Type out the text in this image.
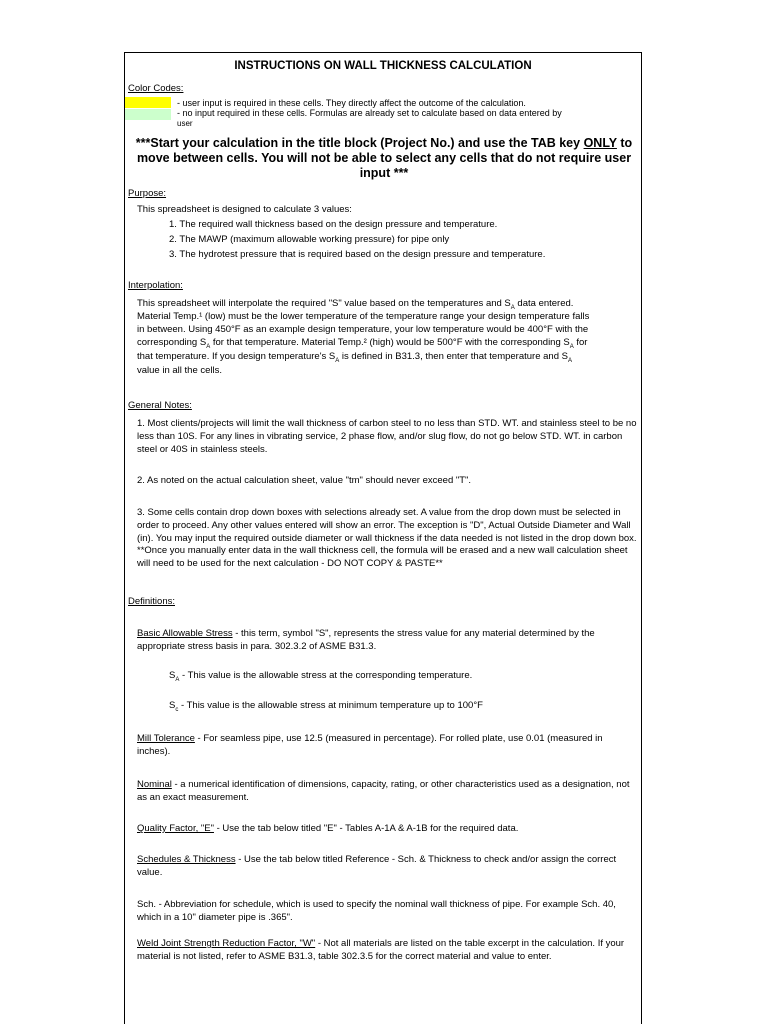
INSTRUCTIONS ON WALL THICKNESS CALCULATION
Color Codes:
- user input is required in these cells. They directly affect the outcome of the calculation.
- no input required in these cells. Formulas are already set to calculate based on data entered by
user
***Start your calculation in the title block (Project No.) and use the TAB key ONLY to move between cells. You will not be able to select any cells that do not require user input ***
Purpose:
This spreadsheet is designed to calculate 3 values:
1. The required wall thickness based on the design pressure and temperature.
2. The MAWP (maximum allowable working pressure) for pipe only
3. The hydrotest pressure that is required based on the design pressure and temperature.
Interpolation:
This spreadsheet will interpolate the required "S" value based on the temperatures and $S_A$ data entered.
Material Temp.¹ (low) must be the lower temperature of the temperature range your design temperature falls
in between. Using 450°F as an example design temperature, your low temperature would be 400°F with the
corresponding $S_A$ for that temperature. Material Temp.² (high) would be 500°F with the corresponding $S_A$ for
that temperature. If you design temperature's $S_A$ is defined in B31.3, then enter that temperature and $S_A$
value in all the cells.
General Notes:
1. Most clients/projects will limit the wall thickness of carbon steel to no less than STD. WT. and stainless steel to be no less than 10S. For any lines in vibrating service, 2 phase flow, and/or slug flow, do not go below STD. WT. in carbon steel or 40S in stainless steels.
2. As noted on the actual calculation sheet, value "tm" should never exceed "T".
3. Some cells contain drop down boxes with selections already set. A value from the drop down must be selected in order to proceed. Any other values entered will show an error. The exception is "D", Actual Outside Diameter and Wall (in). You may input the required outside diameter or wall thickness if the data needed is not listed in the drop down box. **Once you manually enter data in the wall thickness cell, the formula will be erased and a new wall calculation sheet will need to be used for the next calculation - DO NOT COPY & PASTE**
Definitions:
Basic Allowable Stress - this term, symbol "S", represents the stress value for any material determined by the appropriate stress basis in para. 302.3.2 of ASME B31.3.
$S_A$ - This value is the allowable stress at the corresponding temperature.
$S_c$ - This value is the allowable stress at minimum temperature up to 100°F
Mill Tolerance - For seamless pipe, use 12.5 (measured in percentage). For rolled plate, use 0.01 (measured in inches).
Nominal - a numerical identification of dimensions, capacity, rating, or other characteristics used as a designation, not as an exact measurement.
Quality Factor, "E" - Use the tab below titled "E" - Tables A-1A & A-1B for the required data.
Schedules & Thickness - Use the tab below titled Reference - Sch. & Thickness to check and/or assign the correct value.
Sch. - Abbreviation for schedule, which is used to specify the nominal wall thickness of pipe. For example Sch. 40, which in a 10" diameter pipe is .365".
Weld Joint Strength Reduction Factor, "W" - Not all materials are listed on the table excerpt in the calculation. If your material is not listed, refer to ASME B31.3, table 302.3.5 for the correct material and value to enter.
